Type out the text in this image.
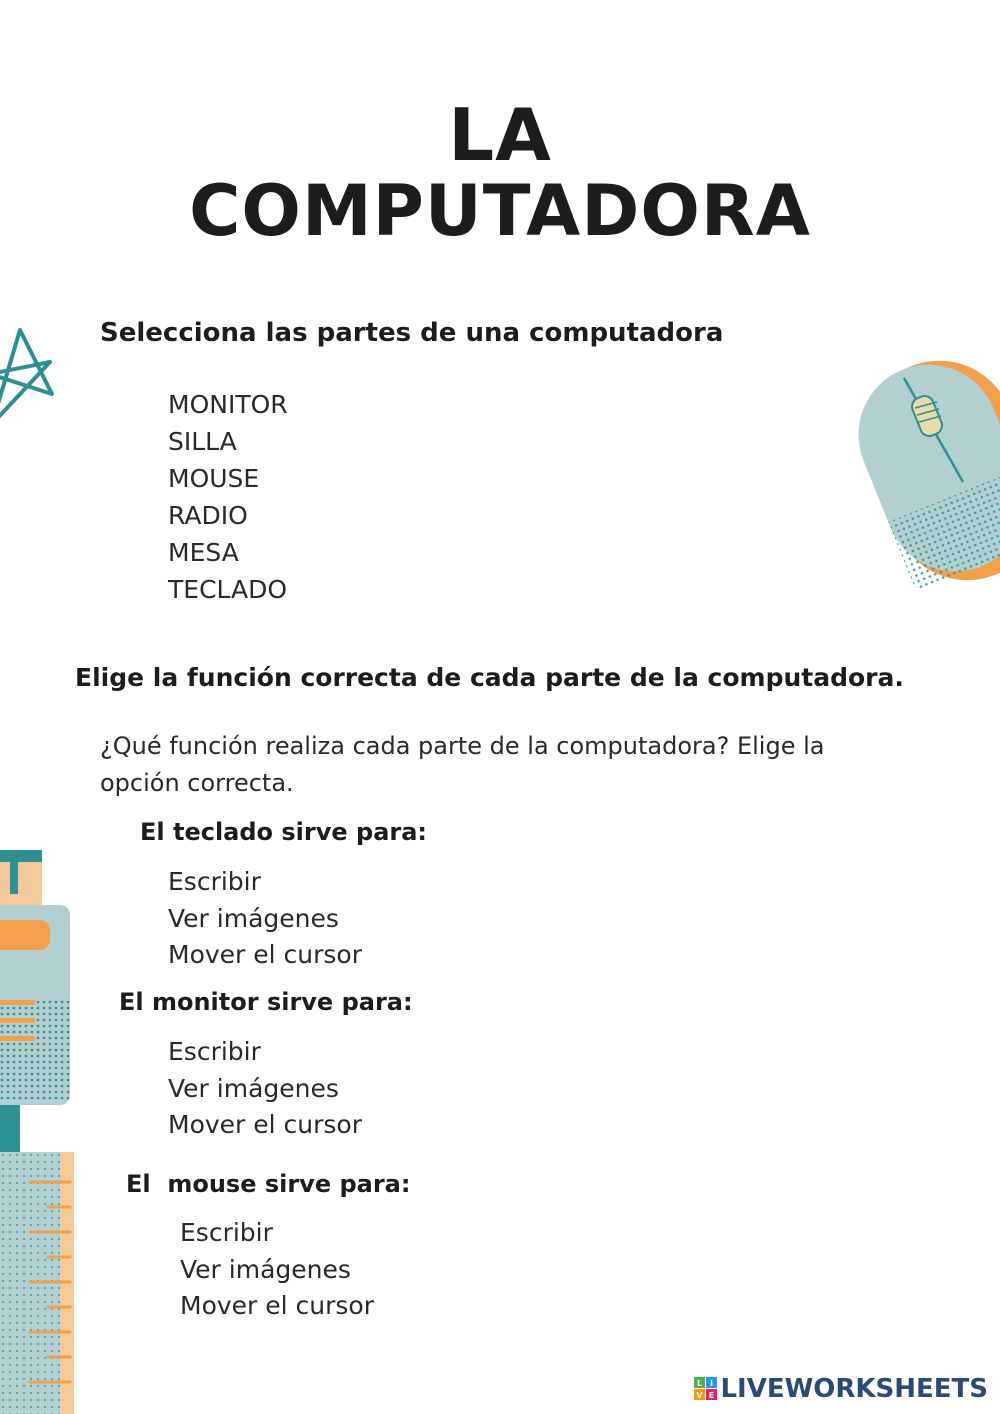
LA
COMPUTADORA
Selecciona las partes de una computadora
MONITOR
SILLA
MOUSE
RADIO
MESA
TECLADO
Elige la función correcta de cada parte de la computadora.

¿Qué función realiza cada parte de la computadora? Elige la opción correcta.

El teclado sirve para:
Escribir
Ver imágenes
Mover el cursor
El monitor sirve para:
Escribir
Ver imágenes
Mover el cursor
El  mouse sirve para:
Escribir
Ver imágenes
Mover el cursor
L I
V E LIVEWORKSHEETS
